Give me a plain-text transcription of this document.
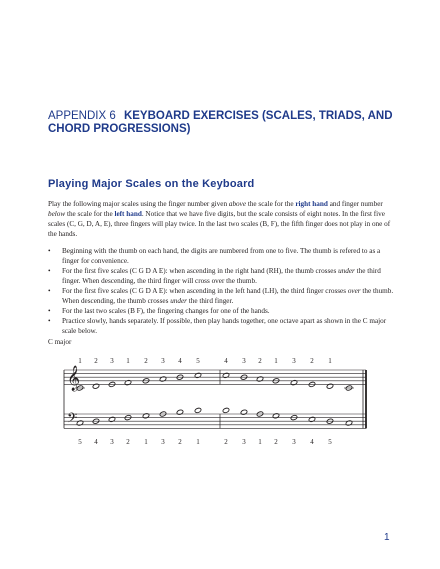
APPENDIX 6 KEYBOARD EXERCISES (SCALES, TRIADS, AND CHORD PROGRESSIONS)
Playing Major Scales on the Keyboard

Play the following major scales using the finger number given above the scale for the right hand and finger number below the scale for the left hand. Notice that we have five digits, but the scale consists of eight notes. In the first five scales (C, G, D, A, E), three fingers will play twice. In the last two scales (B, F), the fifth finger does not play in one of the hands.

• Beginning with the thumb on each hand, the digits are numbered from one to five. The thumb is refered to as a finger for convenience.
• For the first five scales (C G D A E): when ascending in the right hand (RH), the thumb crosses under the third finger. When descending, the third finger will cross over the thumb.
• For the first five scales (C G D A E): when ascending in the left hand (LH), the third finger crosses over the thumb. When descending, the thumb crosses under the third finger.
• For the last two scales (B F), the fingering changes for one of the hands.
• Practice slowly, hands separately. If possible, then play hands together, one octave apart as shown in the C major scale below.
C major
𝄞
𝄢
1 2 3 1 2 3 4 5	4 3 2 1 3 2 1
5 4 3 2 1 3 2 1	2 3 1 2 3 4 5
1
